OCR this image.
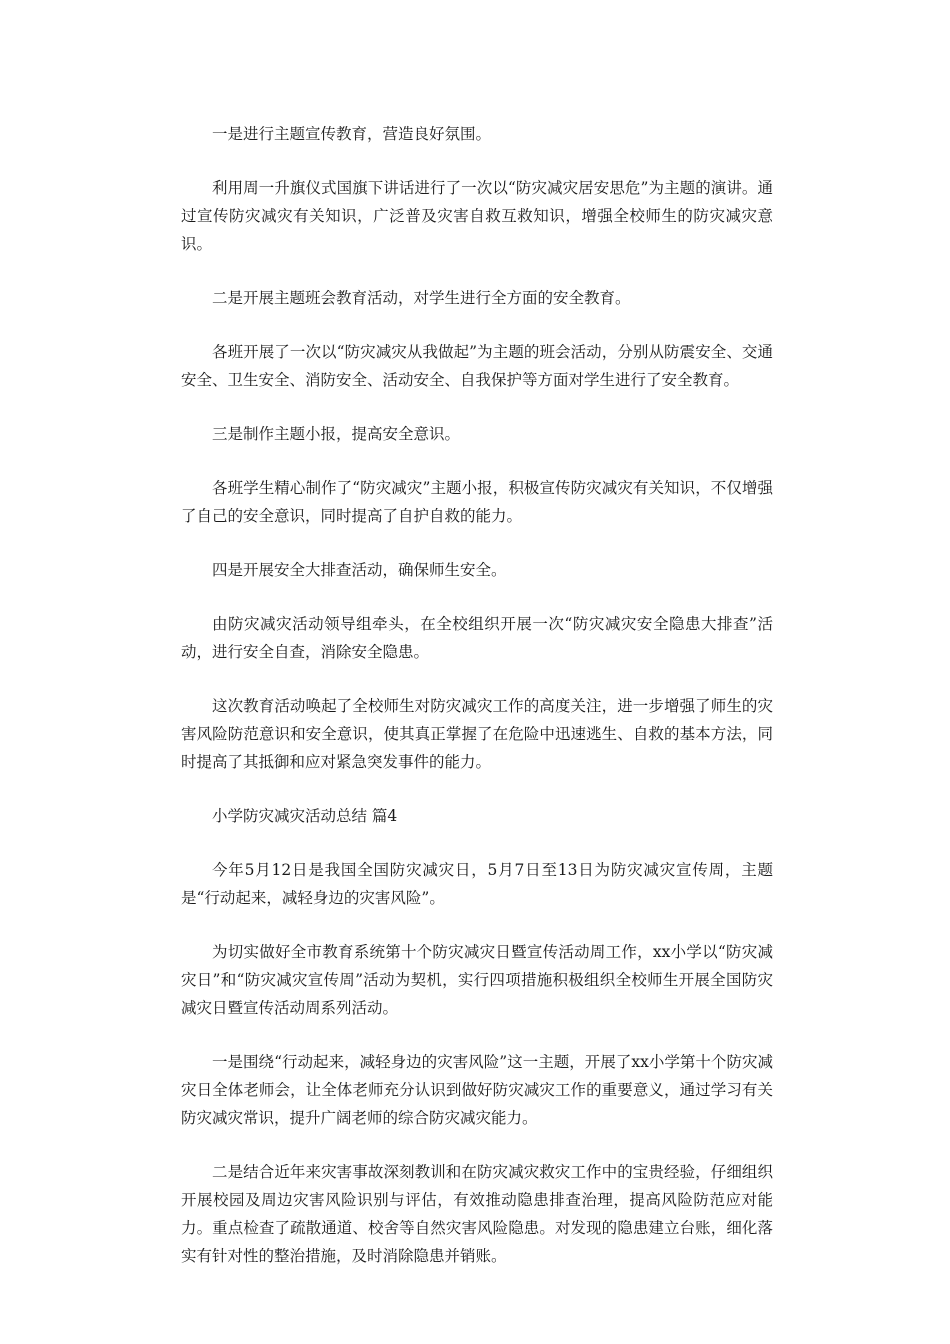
一是进行主题宣传教育，营造良好氛围。

利用周一升旗仪式国旗下讲话进行了一次以“防灾减灾居安思危”为主题的演讲。通过宣传防灾减灾有关知识，广泛普及灾害自救互救知识，增强全校师生的防灾减灾意识。

二是开展主题班会教育活动，对学生进行全方面的安全教育。

各班开展了一次以“防灾减灾从我做起”为主题的班会活动，分别从防震安全、交通安全、卫生安全、消防安全、活动安全、自我保护等方面对学生进行了安全教育。

三是制作主题小报，提高安全意识。

各班学生精心制作了“防灾减灾”主题小报，积极宣传防灾减灾有关知识，不仅增强了自己的安全意识，同时提高了自护自救的能力。

四是开展安全大排查活动，确保师生安全。

由防灾减灾活动领导组牵头，在全校组织开展一次“防灾减灾安全隐患大排查”活动，进行安全自查，消除安全隐患。

这次教育活动唤起了全校师生对防灾减灾工作的高度关注，进一步增强了师生的灾害风险防范意识和安全意识，使其真正掌握了在危险中迅速逃生、自救的基本方法，同时提高了其抵御和应对紧急突发事件的能力。

小学防灾减灾活动总结 篇4

今年5月12日是我国全国防灾减灾日，5月7日至13日为防灾减灾宣传周，主题是“行动起来，减轻身边的灾害风险”。

为切实做好全市教育系统第十个防灾减灾日暨宣传活动周工作，xx小学以“防灾减灾日”和“防灾减灾宣传周”活动为契机，实行四项措施积极组织全校师生开展全国防灾减灾日暨宣传活动周系列活动。

一是围绕“行动起来，减轻身边的灾害风险”这一主题，开展了xx小学第十个防灾减灾日全体老师会，让全体老师充分认识到做好防灾减灾工作的重要意义，通过学习有关防灾减灾常识，提升广阔老师的综合防灾减灾能力。

二是结合近年来灾害事故深刻教训和在防灾减灾救灾工作中的宝贵经验，仔细组织开展校园及周边灾害风险识别与评估，有效推动隐患排查治理，提高风险防范应对能力。重点检查了疏散通道、校舍等自然灾害风险隐患。对发现的隐患建立台账，细化落实有针对性的整治措施，及时消除隐患并销账。
